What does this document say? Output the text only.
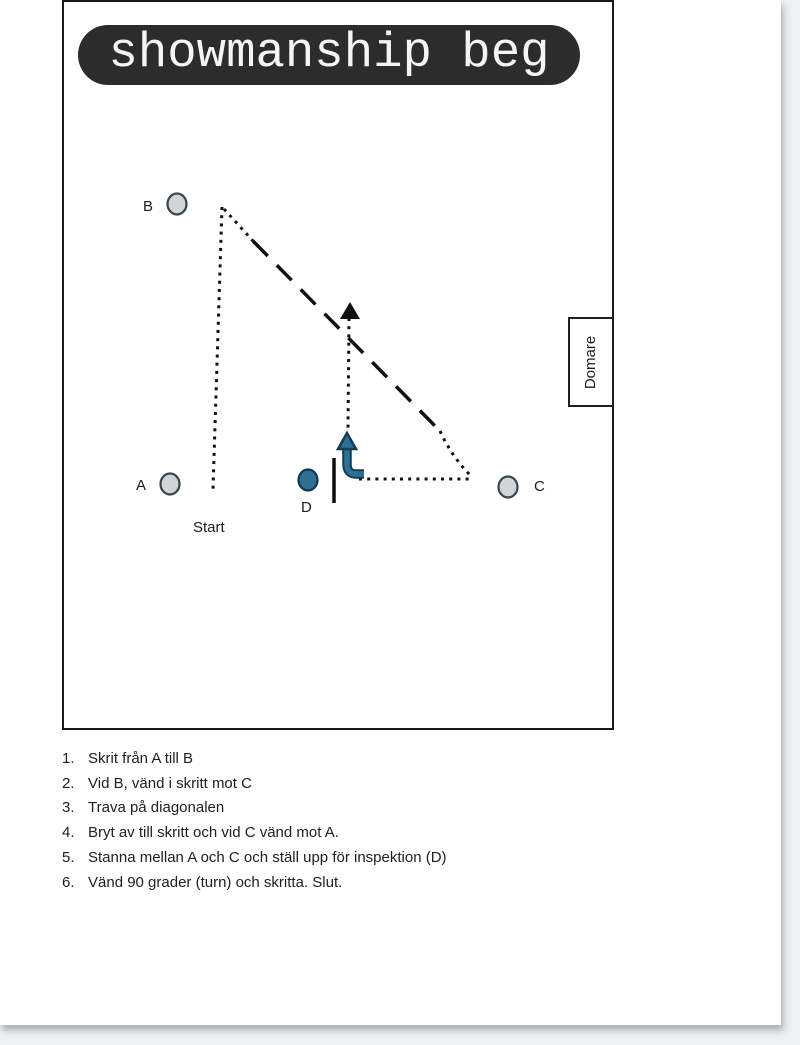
showmanship beg
Domare
B
A	C
D
Start
1. Skrit från A till B
2. Vid B, vänd i skritt mot C
3. Trava på diagonalen
4. Bryt av till skritt och vid C vänd mot A.
5. Stanna mellan A och C och ställ upp för inspektion (D)
6. Vänd 90 grader (turn) och skritta. Slut.
